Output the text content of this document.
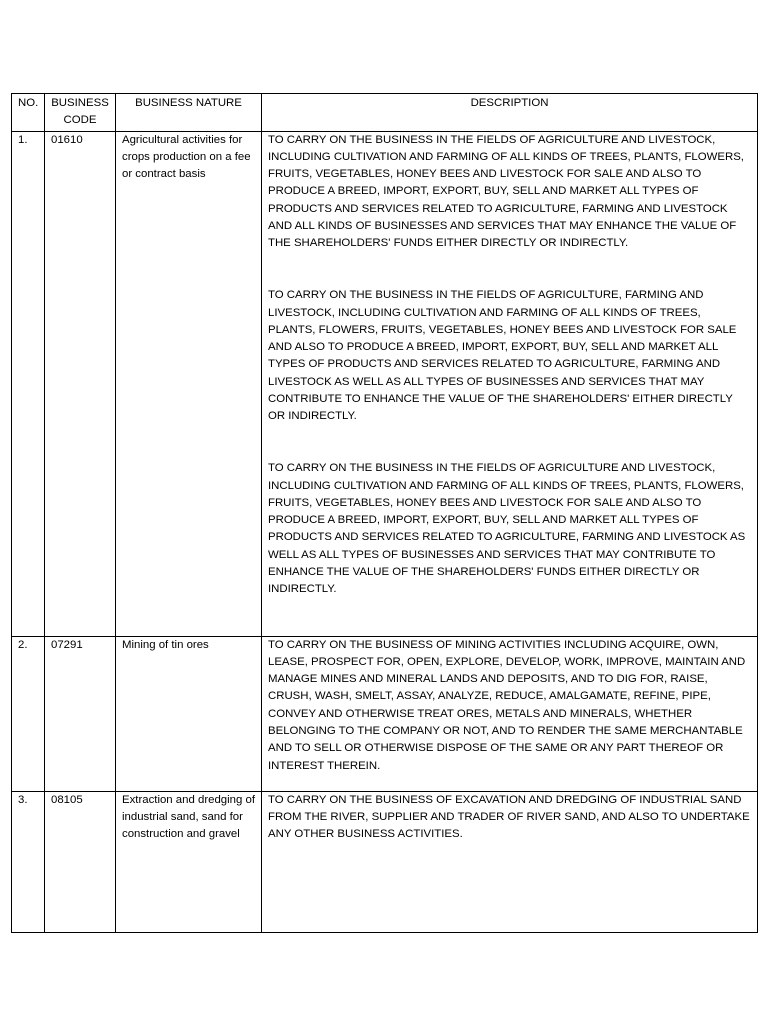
NO.	BUSINESS CODE	BUSINESS NATURE	DESCRIPTION
1.	01610	Agricultural activities for crops production on a fee or contract basis	TO CARRY ON THE BUSINESS IN THE FIELDS OF AGRICULTURE AND LIVESTOCK, INCLUDING CULTIVATION AND FARMING OF ALL KINDS OF TREES, PLANTS, FLOWERS, FRUITS, VEGETABLES, HONEY BEES AND LIVESTOCK FOR SALE AND ALSO TO PRODUCE A BREED, IMPORT, EXPORT, BUY, SELL AND MARKET ALL TYPES OF PRODUCTS AND SERVICES RELATED TO AGRICULTURE, FARMING AND LIVESTOCK AND ALL KINDS OF BUSINESSES AND SERVICES THAT MAY ENHANCE THE VALUE OF THE SHAREHOLDERS' FUNDS EITHER DIRECTLY OR INDIRECTLY.

TO CARRY ON THE BUSINESS IN THE FIELDS OF AGRICULTURE, FARMING AND LIVESTOCK, INCLUDING CULTIVATION AND FARMING OF ALL KINDS OF TREES, PLANTS, FLOWERS, FRUITS, VEGETABLES, HONEY BEES AND LIVESTOCK FOR SALE AND ALSO TO PRODUCE A BREED, IMPORT, EXPORT, BUY, SELL AND MARKET ALL TYPES OF PRODUCTS AND SERVICES RELATED TO AGRICULTURE, FARMING AND LIVESTOCK AS WELL AS ALL TYPES OF BUSINESSES AND SERVICES THAT MAY CONTRIBUTE TO ENHANCE THE VALUE OF THE SHAREHOLDERS' EITHER DIRECTLY OR INDIRECTLY.

TO CARRY ON THE BUSINESS IN THE FIELDS OF AGRICULTURE AND LIVESTOCK, INCLUDING CULTIVATION AND FARMING OF ALL KINDS OF TREES, PLANTS, FLOWERS, FRUITS, VEGETABLES, HONEY BEES AND LIVESTOCK FOR SALE AND ALSO TO PRODUCE A BREED, IMPORT, EXPORT, BUY, SELL AND MARKET ALL TYPES OF PRODUCTS AND SERVICES RELATED TO AGRICULTURE, FARMING AND LIVESTOCK AS WELL AS ALL TYPES OF BUSINESSES AND SERVICES THAT MAY CONTRIBUTE TO ENHANCE THE VALUE OF THE SHAREHOLDERS' FUNDS EITHER DIRECTLY OR INDIRECTLY.

2.	07291	Mining of tin ores	TO CARRY ON THE BUSINESS OF MINING ACTIVITIES INCLUDING ACQUIRE, OWN, LEASE, PROSPECT FOR, OPEN, EXPLORE, DEVELOP, WORK, IMPROVE, MAINTAIN AND MANAGE MINES AND MINERAL LANDS AND DEPOSITS, AND TO DIG FOR, RAISE, CRUSH, WASH, SMELT, ASSAY, ANALYZE, REDUCE, AMALGAMATE, REFINE, PIPE, CONVEY AND OTHERWISE TREAT ORES, METALS AND MINERALS, WHETHER BELONGING TO THE COMPANY OR NOT, AND TO RENDER THE SAME MERCHANTABLE AND TO SELL OR OTHERWISE DISPOSE OF THE SAME OR ANY PART THEREOF OR INTEREST THEREIN.

3.	08105	Extraction and dredging of industrial sand, sand for construction and gravel	TO CARRY ON THE BUSINESS OF EXCAVATION AND DREDGING OF INDUSTRIAL SAND FROM THE RIVER, SUPPLIER AND TRADER OF RIVER SAND, AND ALSO TO UNDERTAKE ANY OTHER BUSINESS ACTIVITIES.
